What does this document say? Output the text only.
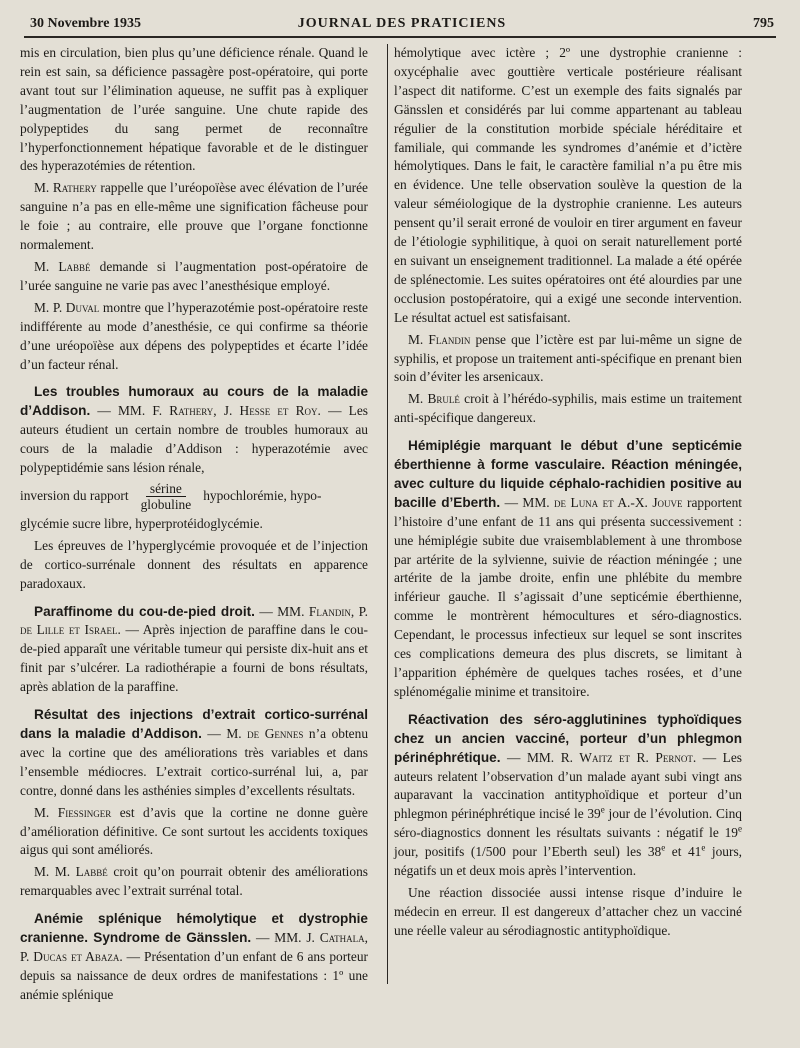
30 Novembre 1935	JOURNAL DES PRATICIENS	795

mis en circulation, bien plus qu’une déficience rénale. Quand le rein est sain, sa déficience passagère post-opératoire, qui porte avant tout sur l’élimination aqueuse, ne suffit pas à expliquer l’augmentation de l’urée sanguine. Une chute rapide des polypeptides du sang permet de reconnaître l’hyperfonctionnement hépatique favorable et de le distinguer des hyperazotémies de rétention.

M. Rathery rappelle que l’uréopoïèse avec élévation de l’urée sanguine n’a pas en elle-même une signification fâcheuse pour le foie ; au contraire, elle prouve que l’organe fonctionne normalement.

M. Labbé demande si l’augmentation post-opératoire de l’urée sanguine ne varie pas avec l’anesthésique employé.

M. P. Duval montre que l’hyperazotémie post-opératoire reste indifférente au mode d’anesthésie, ce qui confirme sa théorie d’une uréopoïèse aux dépens des polypeptides et écarte l’idée d’un facteur rénal.

Les troubles humoraux au cours de la maladie d’Addison. — MM. F. Rathery, J. Hesse et Roy. — Les auteurs étudient un certain nombre de troubles humoraux au cours de la maladie d’Addison : hyperazotémie avec polypeptidémie sans lésion rénale,
inversion du rapport $\frac{\text{sérine}}{\text{globuline}}$ hypochlorémie, hypo-

glycémie sucre libre, hyperprotéidoglycémie.

Les épreuves de l’hyperglycémie provoquée et de l’injection de cortico-surrénale donnent des résultats en apparence paradoxaux.

Paraffinome du cou-de-pied droit. — MM. Flandin, P. de Lille et Israel. — Après injection de paraffine dans le cou-de-pied apparaît une véritable tumeur qui persiste dix-huit ans et finit par s’ulcérer. La radiothérapie a fourni de bons résultats, après ablation de la paraffine.
Résultat des injections d’extrait cortico-surrénal dans la maladie d’Addison. — M. de Gennes n’a obtenu avec la cortine que des améliorations très variables et dans l’ensemble médiocres. L’extrait cortico-surrénal lui, a, par contre, donné dans les asthénies simples d’excellents résultats.

M. Fiessinger est d’avis que la cortine ne donne guère d’amélioration définitive. Ce sont surtout les accidents toxiques aigus qui sont améliorés.

M. M. Labbé croit qu’on pourrait obtenir des améliorations remarquables avec l’extrait surrénal total.

Anémie splénique hémolytique et dystrophie cranienne. Syndrome de Gänsslen. — MM. J. Cathala, P. Ducas et Abaza. — Présentation d’un enfant de 6 ans porteur depuis sa naissance de deux ordres de manifestations : 1º une anémie splénique

hémolytique avec ictère ; 2º une dystrophie cranienne : oxycéphalie avec gouttière verticale postérieure réalisant l’aspect dit natiforme. C’est un exemple des faits signalés par Gänsslen et considérés par lui comme appartenant au tableau régulier de la constitution morbide spéciale héréditaire et familiale, qui commande les syndromes d’anémie et d’ictère hémolytiques. Dans le fait, le caractère familial n’a pu être mis en évidence. Une telle observation soulève la question de la valeur séméiologique de la dystrophie cranienne. Les auteurs pensent qu’il serait erroné de vouloir en tirer argument en faveur de l’étiologie syphilitique, à quoi on serait naturellement porté en suivant un enseignement traditionnel. La malade a été opérée de splénectomie. Les suites opératoires ont été alourdies par une occlusion postopératoire, qui a exigé une seconde intervention. Le résultat actuel est satisfaisant.

M. Flandin pense que l’ictère est par lui-même un signe de syphilis, et propose un traitement anti-spécifique en prenant bien soin d’éviter les arsenicaux.

M. Brulé croit à l’hérédo-syphilis, mais estime un traitement anti-spécifique dangereux.

Hémiplégie marquant le début d’une septicémie éberthienne à forme vasculaire. Réaction méningée, avec culture du liquide céphalo-rachidien positive au bacille d’Eberth. — MM. de Luna et A.-X. Jouve rapportent l’histoire d’une enfant de 11 ans qui présenta successivement : une hémiplégie subite due vraisemblablement à une thrombose par artérite de la sylvienne, suivie de réaction méningée ; une artérite de la jambe droite, enfin une phlébite du membre inférieur gauche. Il s’agissait d’une septicémie éberthienne, comme le montrèrent hémocultures et séro-diagnostics. Cependant, le processus infectieux sur lequel se sont inscrites ces complications demeura des plus discrets, se limitant à l’apparition éphémère de quelques taches rosées, et d’une splénomégalie minime et transitoire.
Réactivation des séro-agglutinines typhoïdiques chez un ancien vacciné, porteur d’un phlegmon périnéphrétique. — MM. R. Waitz et R. Pernot. — Les auteurs relatent l’observation d’un malade ayant subi vingt ans auparavant la vaccination antityphoïdique et porteur d’un phlegmon périnéphrétique incisé le 39e jour de l’évolution. Cinq séro-diagnostics donnent les résultats suivants : négatif le 19e jour, positifs (1/500 pour l’Eberth seul) les 38e et 41e jours, négatifs un et deux mois après l’intervention.

Une réaction dissociée aussi intense risque d’induire le médecin en erreur. Il est dangereux d’attacher chez un vacciné une réelle valeur au sérodiagnostic antityphoïdique.
